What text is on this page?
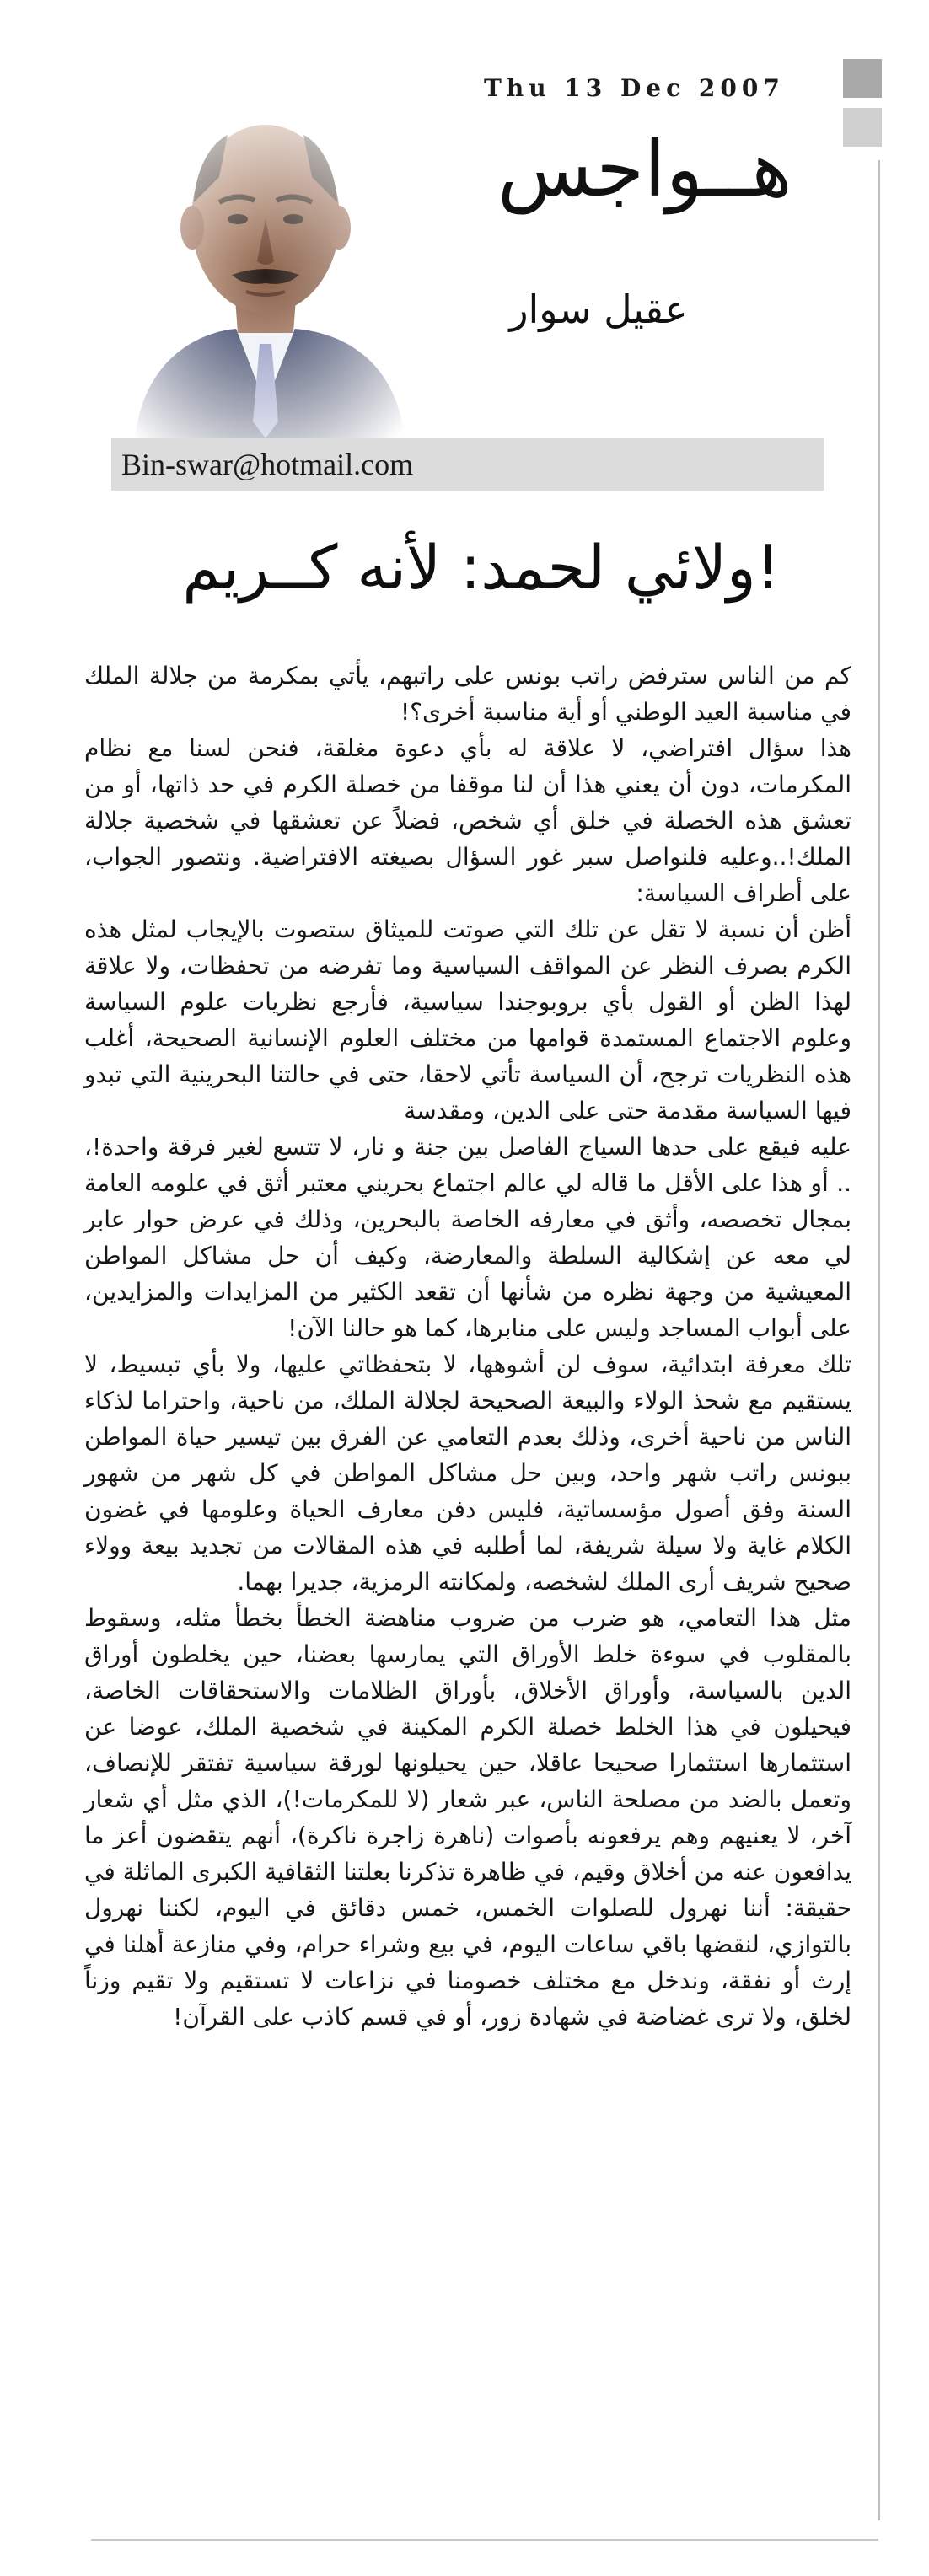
Thu 13 Dec 2007
هــواجس
عقيل سوار
Bin-swar@hotmail.com
ولائي لحمد: لأنه كــريم!

كم من الناس سترفض راتب بونس على راتبهم، يأتي بمكرمة من جلالة الملك في مناسبة العيد الوطني أو أية مناسبة أخرى؟!

هذا سؤال افتراضي، لا علاقة له بأي دعوة مغلقة، فنحن لسنا مع نظام المكرمات، دون أن يعني هذا أن لنا موقفا من خصلة الكرم في حد ذاتها، أو من تعشق هذه الخصلة في خلق أي شخص، فضلاً عن تعشقها في شخصية جلالة الملك!..وعليه فلنواصل سبر غور السؤال بصيغته الافتراضية. ونتصور الجواب، على أطراف السياسة:

أظن أن نسبة لا تقل عن تلك التي صوتت للميثاق ستصوت بالإيجاب لمثل هذه الكرم بصرف النظر عن المواقف السياسية وما تفرضه من تحفظات، ولا علاقة لهذا الظن أو القول بأي بروبوجندا سياسية، فأرجع نظريات علوم السياسة وعلوم الاجتماع المستمدة قوامها من مختلف العلوم الإنسانية الصحيحة، أغلب هذه النظريات ترجح، أن السياسة تأتي لاحقا، حتى في حالتنا البحرينية التي تبدو فيها السياسة مقدمة حتى على الدين، ومقدسة

عليه فيقع على حدها السياج الفاصل بين جنة و نار، لا تتسع لغير فرقة واحدة!، .. أو هذا على الأقل ما قاله لي عالم اجتماع بحريني معتبر أثق في علومه العامة بمجال تخصصه، وأثق في معارفه الخاصة بالبحرين، وذلك في عرض حوار عابر لي معه عن إشكالية السلطة والمعارضة، وكيف أن حل مشاكل المواطن المعيشية من وجهة نظره من شأنها أن تقعد الكثير من المزايدات والمزايدين، على أبواب المساجد وليس على منابرها، كما هو حالنا الآن!

تلك معرفة ابتدائية، سوف لن أشوهها، لا بتحفظاتي عليها، ولا بأي تبسيط، لا يستقيم مع شحذ الولاء والبيعة الصحيحة لجلالة الملك، من ناحية، واحتراما لذكاء الناس من ناحية أخرى، وذلك بعدم التعامي عن الفرق بين تيسير حياة المواطن ببونس راتب شهر واحد، وبين حل مشاكل المواطن في كل شهر من شهور السنة وفق أصول مؤسساتية، فليس دفن معارف الحياة وعلومها في غضون الكلام غاية ولا سيلة شريفة، لما أطلبه في هذه المقالات من تجديد بيعة وولاء صحيح شريف أرى الملك لشخصه، ولمكانته الرمزية، جديرا بهما.

مثل هذا التعامي، هو ضرب من ضروب مناهضة الخطأ بخطأ مثله، وسقوط بالمقلوب في سوءة خلط الأوراق التي يمارسها بعضنا، حين يخلطون أوراق الدين بالسياسة، وأوراق الأخلاق، بأوراق الظلامات والاستحقاقات الخاصة، فيحيلون في هذا الخلط خصلة الكرم المكينة في شخصية الملك، عوضا عن استثمارها استثمارا صحيحا عاقلا، حين يحيلونها لورقة سياسية تفتقر للإنصاف، وتعمل بالضد من مصلحة الناس، عبر شعار (لا للمكرمات!)، الذي مثل أي شعار آخر، لا يعنيهم وهم يرفعونه بأصوات (ناهرة زاجرة ناكرة)، أنهم يتقضون أعز ما يدافعون عنه من أخلاق وقيم، في ظاهرة تذكرنا بعلتنا الثقافية الكبرى الماثلة في حقيقة: أننا نهرول للصلوات الخمس، خمس دقائق في اليوم، لكننا نهرول بالتوازي، لنقضها باقي ساعات اليوم، في بيع وشراء حرام، وفي منازعة أهلنا في إرث أو نفقة، وندخل مع مختلف خصومنا في نزاعات لا تستقيم ولا تقيم وزناً لخلق، ولا ترى غضاضة في شهادة زور، أو في قسم كاذب على القرآن!
